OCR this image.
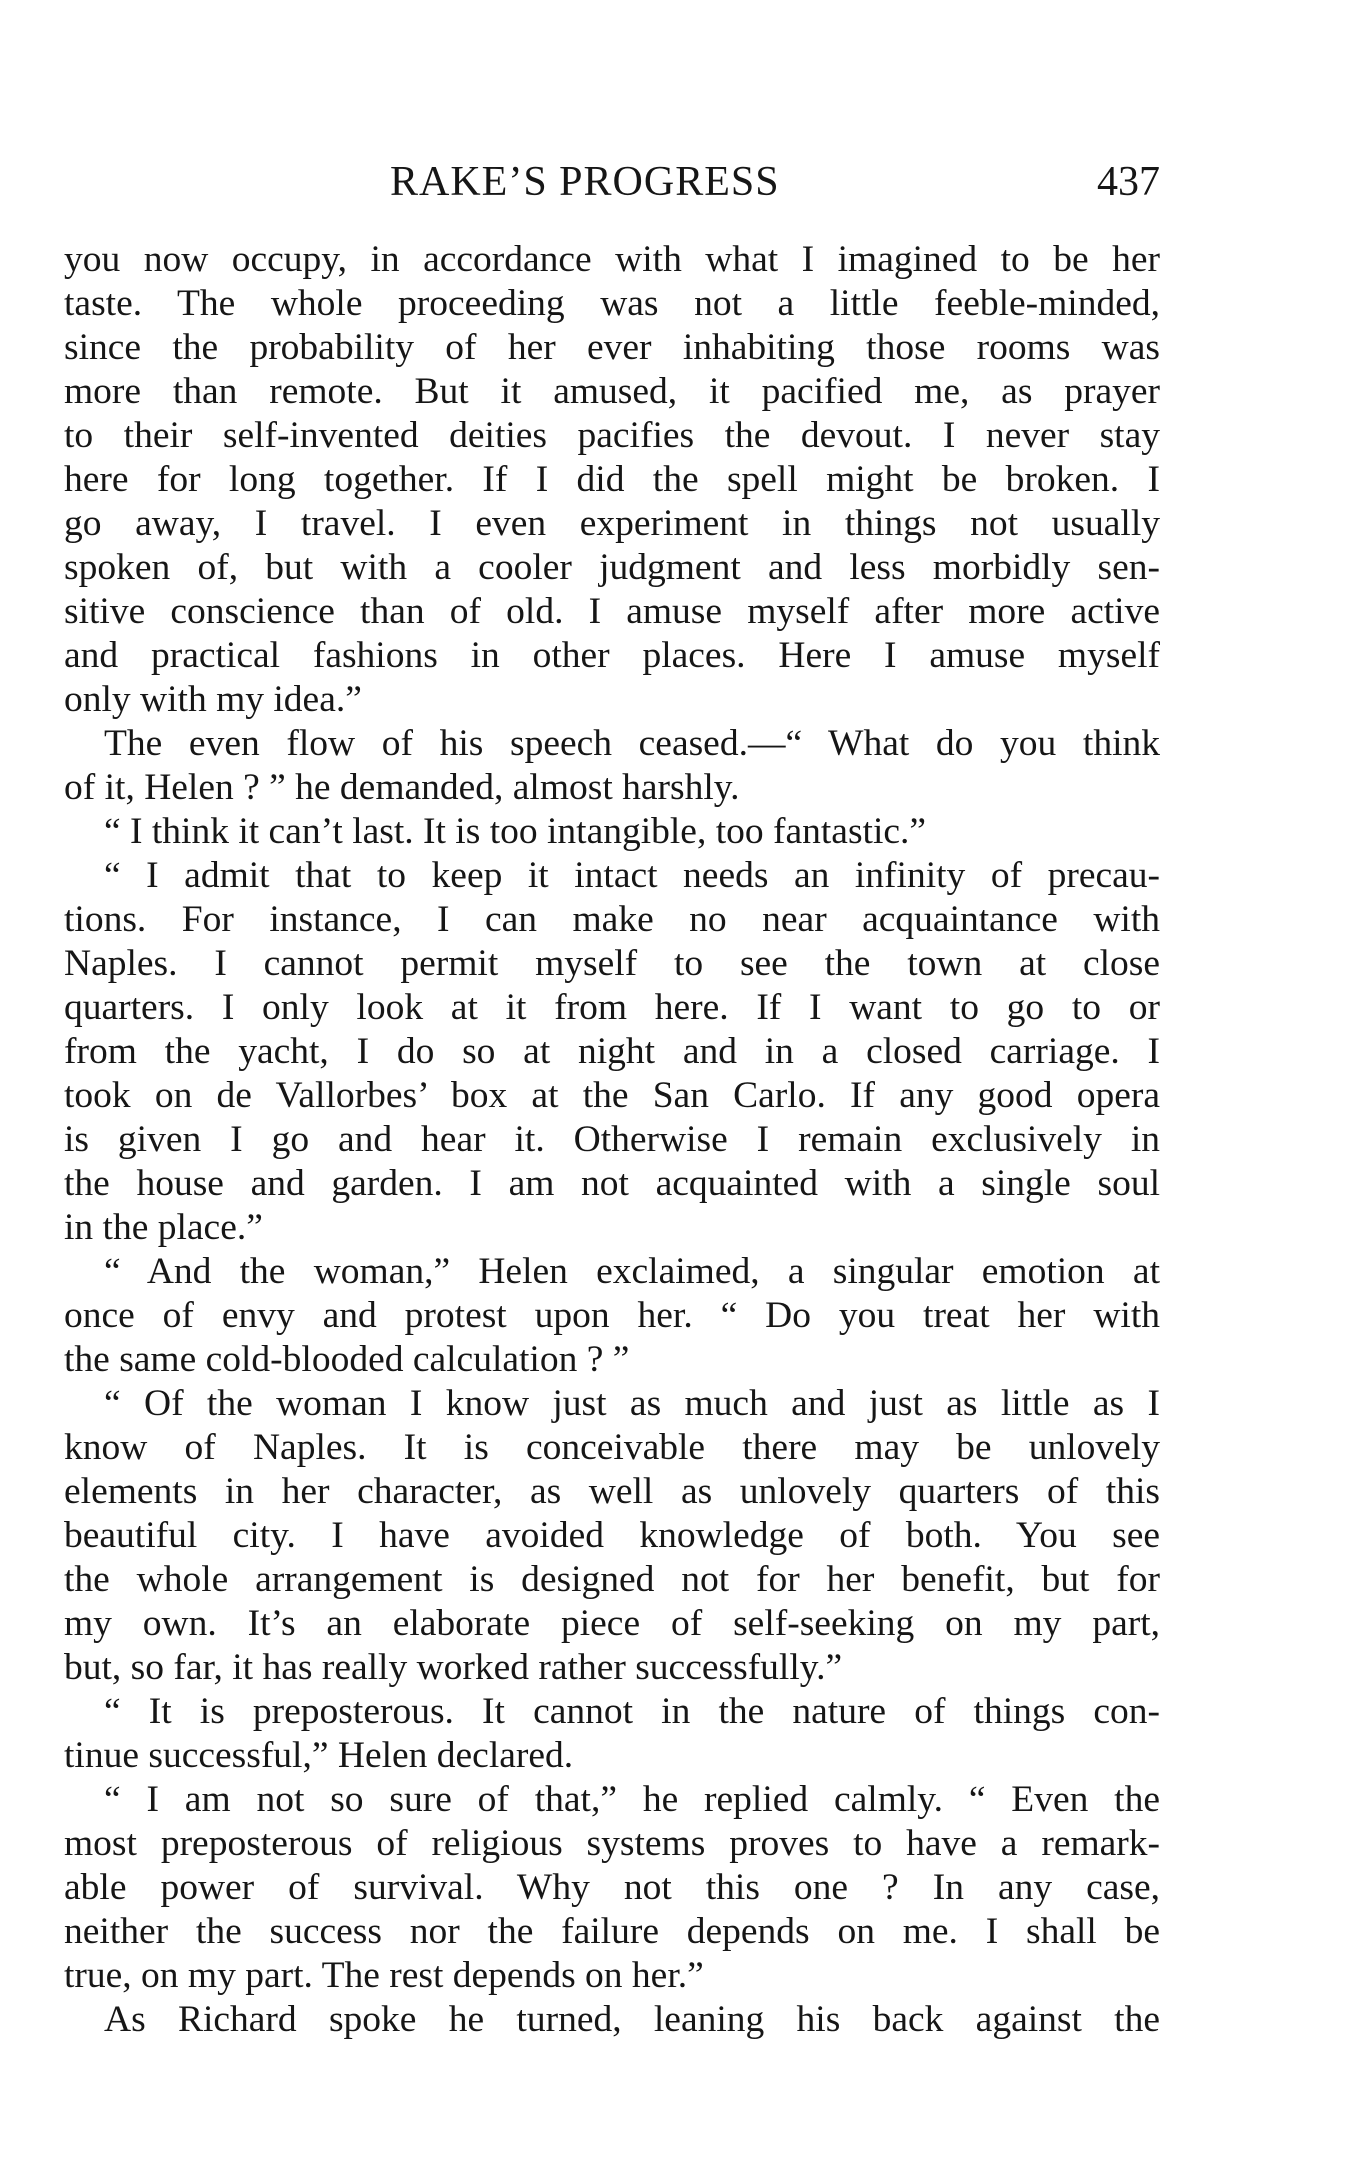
RAKE’S PROGRESS	437
you now occupy, in accordance with what I imagined to be her
taste. The whole proceeding was not a little feeble-minded,
since the probability of her ever inhabiting those rooms was
more than remote. But it amused, it pacified me, as prayer
to their self-invented deities pacifies the devout. I never stay
here for long together. If I did the spell might be broken. I
go away, I travel. I even experiment in things not usually
spoken of, but with a cooler judgment and less morbidly sen-
sitive conscience than of old. I amuse myself after more active
and practical fashions in other places. Here I amuse myself
only with my idea.”
The even flow of his speech ceased.—“ What do you think
of it, Helen ? ” he demanded, almost harshly.
“ I think it can’t last. It is too intangible, too fantastic.”
“ I admit that to keep it intact needs an infinity of precau-
tions. For instance, I can make no near acquaintance with
Naples. I cannot permit myself to see the town at close
quarters. I only look at it from here. If I want to go to or
from the yacht, I do so at night and in a closed carriage. I
took on de Vallorbes’ box at the San Carlo. If any good opera
is given I go and hear it. Otherwise I remain exclusively in
the house and garden. I am not acquainted with a single soul
in the place.”
“ And the woman,” Helen exclaimed, a singular emotion at
once of envy and protest upon her. “ Do you treat her with
the same cold-blooded calculation ? ”
“ Of the woman I know just as much and just as little as I
know of Naples. It is conceivable there may be unlovely
elements in her character, as well as unlovely quarters of this
beautiful city. I have avoided knowledge of both. You see
the whole arrangement is designed not for her benefit, but for
my own. It’s an elaborate piece of self-seeking on my part,
but, so far, it has really worked rather successfully.”
“ It is preposterous. It cannot in the nature of things con-
tinue successful,” Helen declared.
“ I am not so sure of that,” he replied calmly. “ Even the
most preposterous of religious systems proves to have a remark-
able power of survival. Why not this one ? In any case,
neither the success nor the failure depends on me. I shall be
true, on my part. The rest depends on her.”
As Richard spoke he turned, leaning his back against the
